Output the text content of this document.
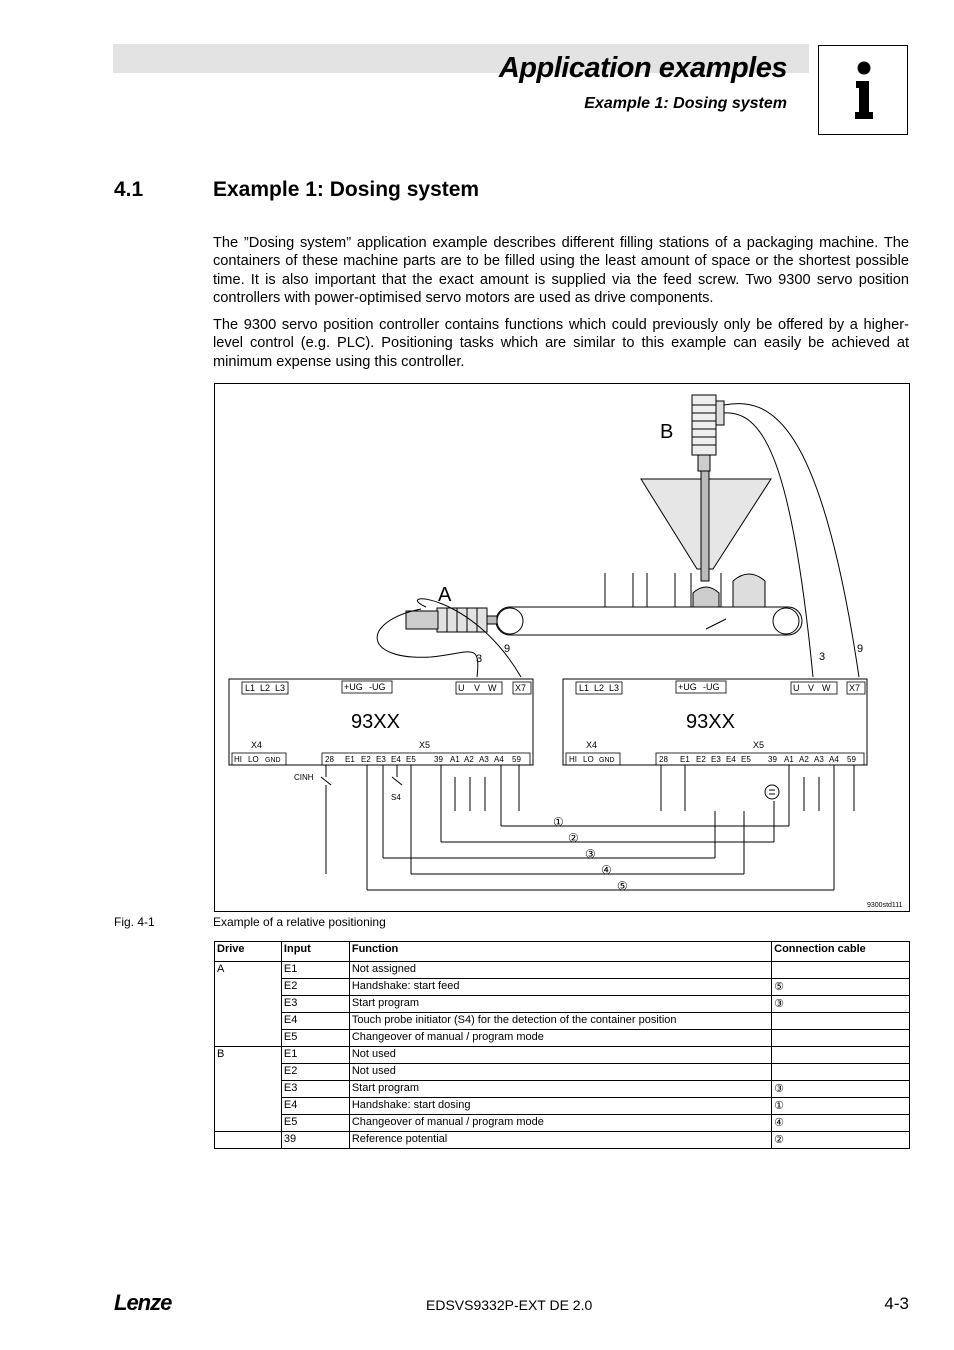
Application examples
Example 1: Dosing system
4.1	Example 1: Dosing system

The ”Dosing system” application example describes different filling stations of a packaging machine. The containers of these machine parts are to be filled using the least amount of space or the shortest possible time. It is also important that the exact amount is supplied via the feed screw. Two 9300 servo position controllers with power-optimised servo motors are used as drive components.

The 9300 servo position controller contains functions which could previously only be offered by a higher-level control (e.g. PLC). Positioning tasks which are similar to this example can easily be achieved at minimum expense using this controller.

B
A
3
9
3
9
L1 L2 L3	+UG -UG	U V W X7
93XX
X4
HI LO GND
X5
28 E1 E2 E3 E4 E5 39 A1 A2 A3 A4 59
CINH
S4
L1 L2 L3	+UG -UG	U V W X7
93XX
X4
HI LO GND
X5
28 E1 E2 E3 E4 E5 39 A1 A2 A3 A4 59
①
②
③
④
⑤
9300std111
Fig. 4-1	Example of a relative positioning
Drive	Input	Function	Connection cable
A	E1	Not assigned	
	E2	Handshake: start feed	⑤
	E3	Start program	③
	E4	Touch probe initiator (S4) for the detection of the container position	
	E5	Changeover of manual / program mode	
B	E1	Not used	
	E2	Not used	
	E3	Start program	③
	E4	Handshake: start dosing	①
	E5	Changeover of manual / program mode	④
	39	Reference potential	②
Lenze	EDSVS9332P-EXT DE 2.0	4-3
